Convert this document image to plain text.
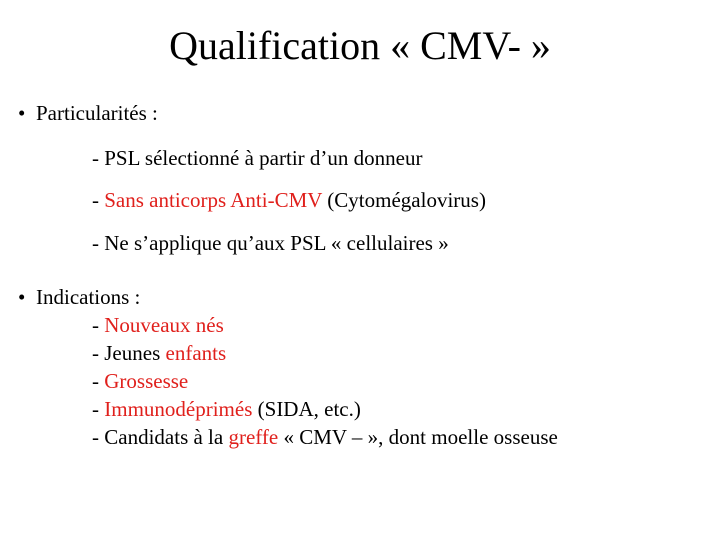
Qualification « CMV- »
• Particularités :
- PSL sélectionné à partir d’un donneur
- Sans anticorps Anti-CMV (Cytomégalovirus)
- Ne s’applique qu’aux PSL « cellulaires »
• Indications :
- Nouveaux nés
- Jeunes enfants
- Grossesse
- Immunodéprimés (SIDA, etc.)
- Candidats à la greffe « CMV – », dont moelle osseuse
